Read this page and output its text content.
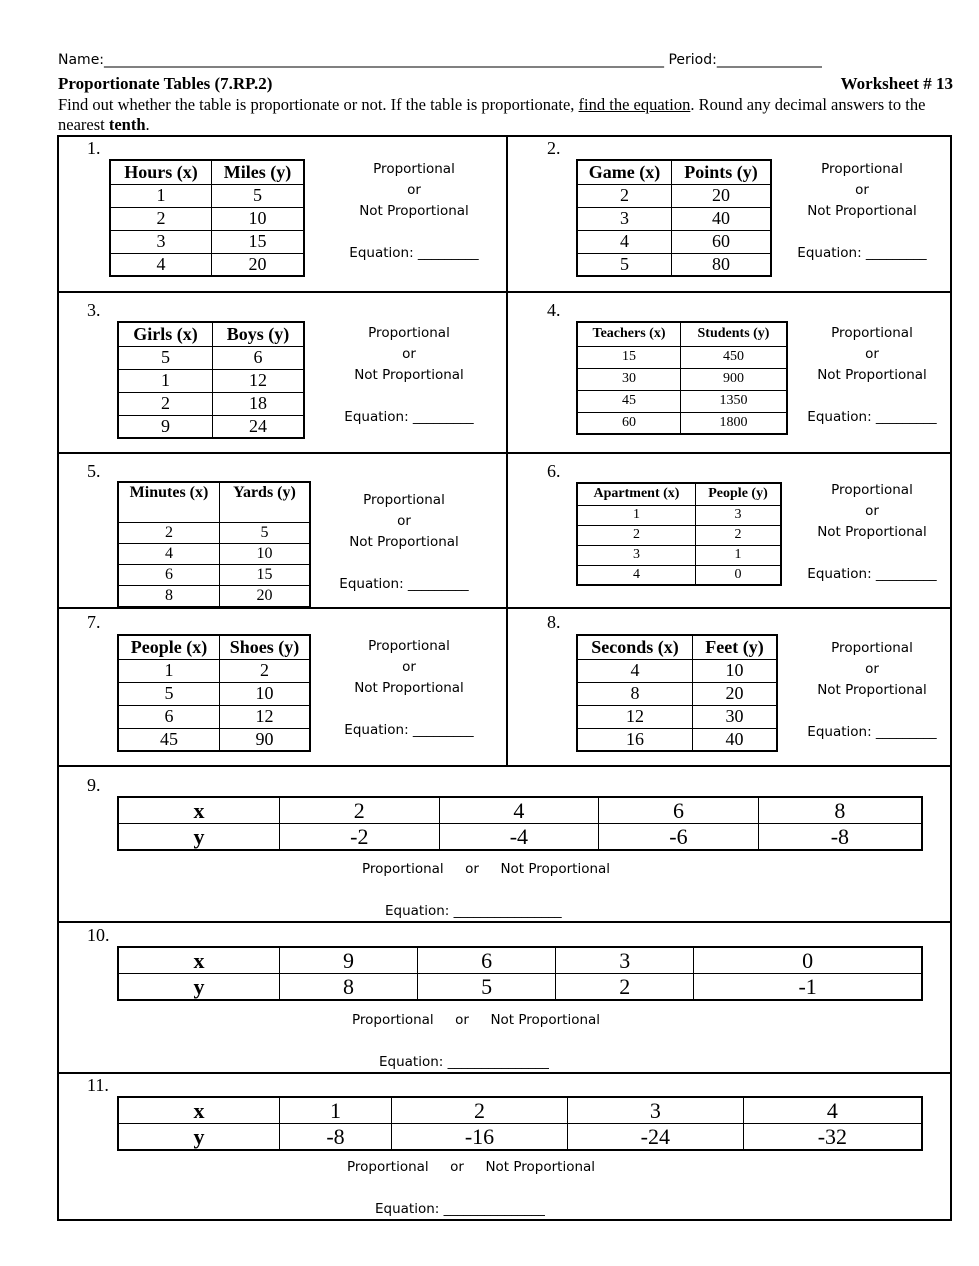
Name:________________________________________________________________________________ Period:_______________
Proportionate Tables (7.RP.2)	Worksheet # 13
Find out whether the table is proportionate or not. If the table is proportionate, find the equation. Round any decimal answers to the nearest tenth.
1.
Hours (x)	Miles (y)
1	5
2	10
3	15
4	20
Proportional
or
Not Proportional
Equation: _________
2.
Game (x)	Points (y)
2	20
3	40
4	60
5	80
Proportional
or
Not Proportional
Equation: _________
3.
Girls (x)	Boys (y)
5	6
1	12
2	18
9	24
Proportional
or
Not Proportional
Equation: _________
4.
Teachers (x)	Students (y)
15	450
30	900
45	1350
60	1800
Proportional
or
Not Proportional
Equation: _________
5.
Minutes (x)	Yards (y)
2	5
4	10
6	15
8	20
Proportional
or
Not Proportional
Equation: _________
6.
Apartment (x)	People (y)
1	3
2	2
3	1
4	0
Proportional
or
Not Proportional
Equation: _________
7.
People (x)	Shoes (y)
1	2
5	10
6	12
45	90
Proportional
or
Not Proportional
Equation: _________
8.
Seconds (x)	Feet (y)
4	10
8	20
12	30
16	40
Proportional
or
Not Proportional
Equation: _________
9.
x	2	4	6	8
y	-2	-4	-6	-8
Proportional or Not Proportional
Equation: ________________
10.
x	9	6	3	0
y	8	5	2	-1
Proportional or Not Proportional
Equation: _______________
11.
x	1	2	3	4
y	-8	-16	-24	-32
Proportional or Not Proportional
Equation: _______________
